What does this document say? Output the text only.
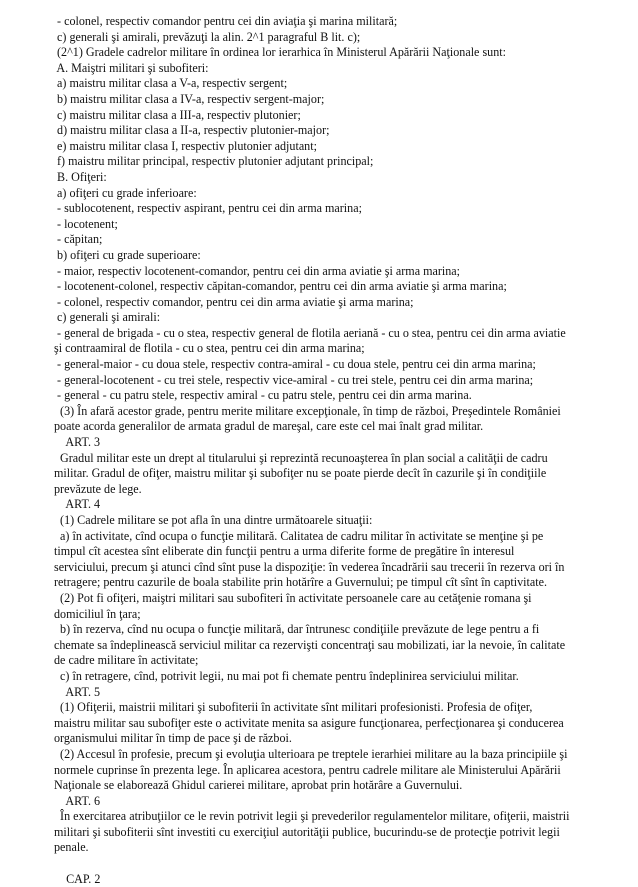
- colonel, respectiv comandor pentru cei din aviaţia şi marina militară;
c) generali şi amirali, prevăzuţi la alin. 2^1 paragraful B lit. c);
(2^1) Gradele cadrelor militare în ordinea lor ierarhica în Ministerul Apărării Naţionale sunt:
A. Maiştri militari şi subofiteri:
a) maistru militar clasa a V-a, respectiv sergent;
b) maistru militar clasa a IV-a, respectiv sergent-major;
c) maistru militar clasa a III-a, respectiv plutonier;
d) maistru militar clasa a II-a, respectiv plutonier-major;
e) maistru militar clasa I, respectiv plutonier adjutant;
f) maistru militar principal, respectiv plutonier adjutant principal;
B. Ofiţeri:
a) ofiţeri cu grade inferioare:
- sublocotenent, respectiv aspirant, pentru cei din arma marina;
- locotenent;
- căpitan;
b) ofiţeri cu grade superioare:
- maior, respectiv locotenent-comandor, pentru cei din arma aviatie şi arma marina;
- locotenent-colonel, respectiv căpitan-comandor, pentru cei din arma aviatie şi arma marina;
- colonel, respectiv comandor, pentru cei din arma aviatie şi arma marina;
c) generali şi amirali:
- general de brigada - cu o stea, respectiv general de flotila aeriană - cu o stea, pentru cei din arma aviatie
şi contraamiral de flotila - cu o stea, pentru cei din arma marina;
- general-maior - cu doua stele, respectiv contra-amiral - cu doua stele, pentru cei din arma marina;
- general-locotenent - cu trei stele, respectiv vice-amiral - cu trei stele, pentru cei din arma marina;
- general - cu patru stele, respectiv amiral - cu patru stele, pentru cei din arma marina.
(3) În afară acestor grade, pentru merite militare excepţionale, în timp de război, Preşedintele României
poate acorda generalilor de armata gradul de mareşal, care este cel mai înalt grad militar.
ART. 3
Gradul militar este un drept al titularului şi reprezintă recunoaşterea în plan social a calităţii de cadru
militar. Gradul de ofiţer, maistru militar şi subofiţer nu se poate pierde decît în cazurile şi în condiţiile
prevăzute de lege.
ART. 4
(1) Cadrele militare se pot afla în una dintre următoarele situaţii:
a) în activitate, cînd ocupa o funcţie militară. Calitatea de cadru militar în activitate se menţine şi pe
timpul cît acestea sînt eliberate din funcţii pentru a urma diferite forme de pregătire în interesul
serviciului, precum şi atunci cînd sînt puse la dispoziţie: în vederea încadrării sau trecerii în rezerva ori în
retragere; pentru cazurile de boala stabilite prin hotărîre a Guvernului; pe timpul cît sînt în captivitate.
(2) Pot fi ofiţeri, maiştri militari sau subofiteri în activitate persoanele care au cetăţenie romana şi
domiciliul în ţara;
b) în rezerva, cînd nu ocupa o funcţie militară, dar întrunesc condiţiile prevăzute de lege pentru a fi
chemate sa îndeplinească serviciul militar ca rezervişti concentraţi sau mobilizati, iar la nevoie, în calitate
de cadre militare în activitate;
c) în retragere, cînd, potrivit legii, nu mai pot fi chemate pentru îndeplinirea serviciului militar.
ART. 5
(1) Ofiţerii, maistrii militari şi subofiterii în activitate sînt militari profesionisti. Profesia de ofiţer,
maistru militar sau subofiţer este o activitate menita sa asigure funcţionarea, perfecţionarea şi conducerea
organismului militar în timp de pace şi de război.
(2) Accesul în profesie, precum şi evoluţia ulterioara pe treptele ierarhiei militare au la baza principiile şi
normele cuprinse în prezenta lege. În aplicarea acestora, pentru cadrele militare ale Ministerului Apărării
Naţionale se elaborează Ghidul carierei militare, aprobat prin hotărâre a Guvernului.
ART. 6
În exercitarea atribuţiilor ce le revin potrivit legii şi prevederilor regulamentelor militare, ofiţerii, maistrii
militari şi subofiterii sînt investiti cu exerciţiul autorităţii publice, bucurindu-se de protecţie potrivit legii
penale.
CAP. 2
